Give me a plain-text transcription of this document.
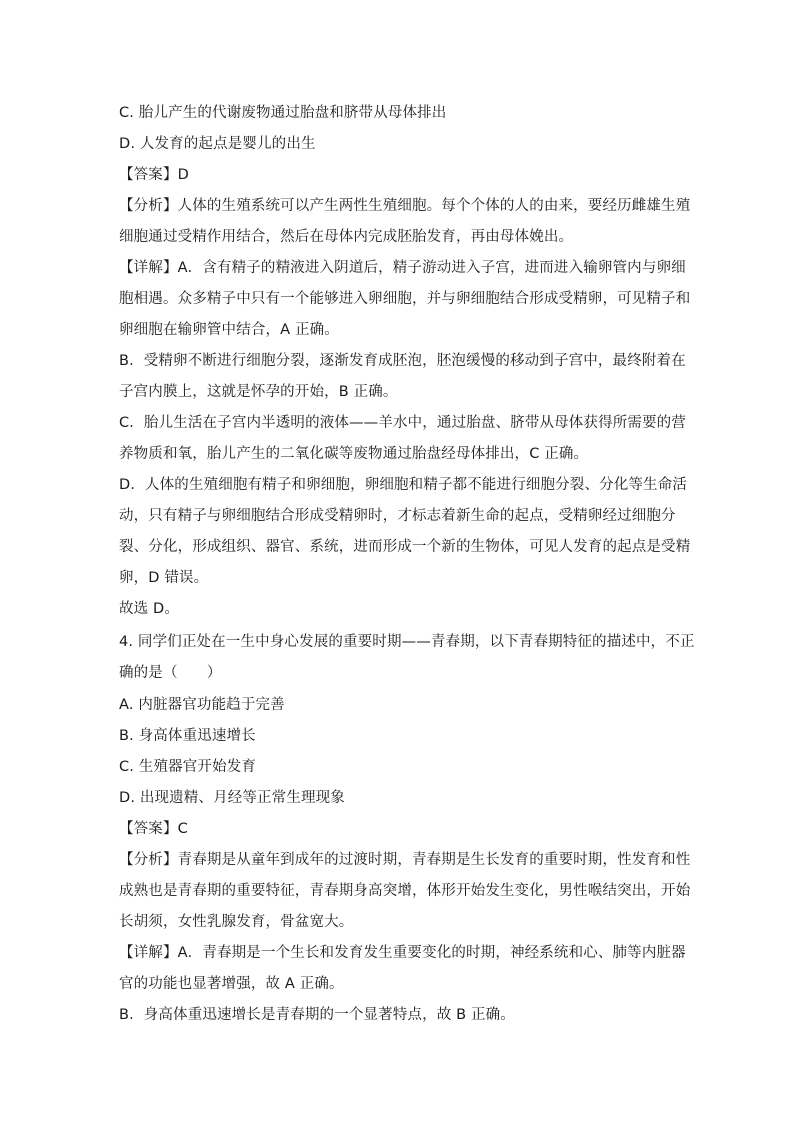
C. 胎儿产生的代谢废物通过胎盘和脐带从母体排出
D. 人发育的起点是婴儿的出生
【答案】D
【分析】人体的生殖系统可以产生两性生殖细胞。每个个体的人的由来，要经历雌雄生殖
细胞通过受精作用结合，然后在母体内完成胚胎发育，再由母体娩出。
【详解】A．含有精子的精液进入阴道后，精子游动进入子宫，进而进入输卵管内与卵细
胞相遇。众多精子中只有一个能够进入卵细胞，并与卵细胞结合形成受精卵，可见精子和
卵细胞在输卵管中结合，A 正确。
B．受精卵不断进行细胞分裂，逐渐发育成胚泡，胚泡缓慢的移动到子宫中，最终附着在
子宫内膜上，这就是怀孕的开始，B 正确。
C．胎儿生活在子宫内半透明的液体——羊水中，通过胎盘、脐带从母体获得所需要的营
养物质和氧，胎儿产生的二氧化碳等废物通过胎盘经母体排出，C 正确。
D．人体的生殖细胞有精子和卵细胞，卵细胞和精子都不能进行细胞分裂、分化等生命活
动，只有精子与卵细胞结合形成受精卵时，才标志着新生命的起点，受精卵经过细胞分
裂、分化，形成组织、器官、系统，进而形成一个新的生物体，可见人发育的起点是受精
卵，D 错误。
故选 D。
4. 同学们正处在一生中身心发展的重要时期——青春期，以下青春期特征的描述中，不正
确的是（　　）
A. 内脏器官功能趋于完善
B. 身高体重迅速增长
C. 生殖器官开始发育
D. 出现遗精、月经等正常生理现象
【答案】C
【分析】青春期是从童年到成年的过渡时期，青春期是生长发育的重要时期，性发育和性
成熟也是青春期的重要特征，青春期身高突增，体形开始发生变化，男性喉结突出，开始
长胡须，女性乳腺发育，骨盆宽大。
【详解】A．青春期是一个生长和发育发生重要变化的时期，神经系统和心、肺等内脏器
官的功能也显著增强，故 A 正确。
B．身高体重迅速增长是青春期的一个显著特点，故 B 正确。
